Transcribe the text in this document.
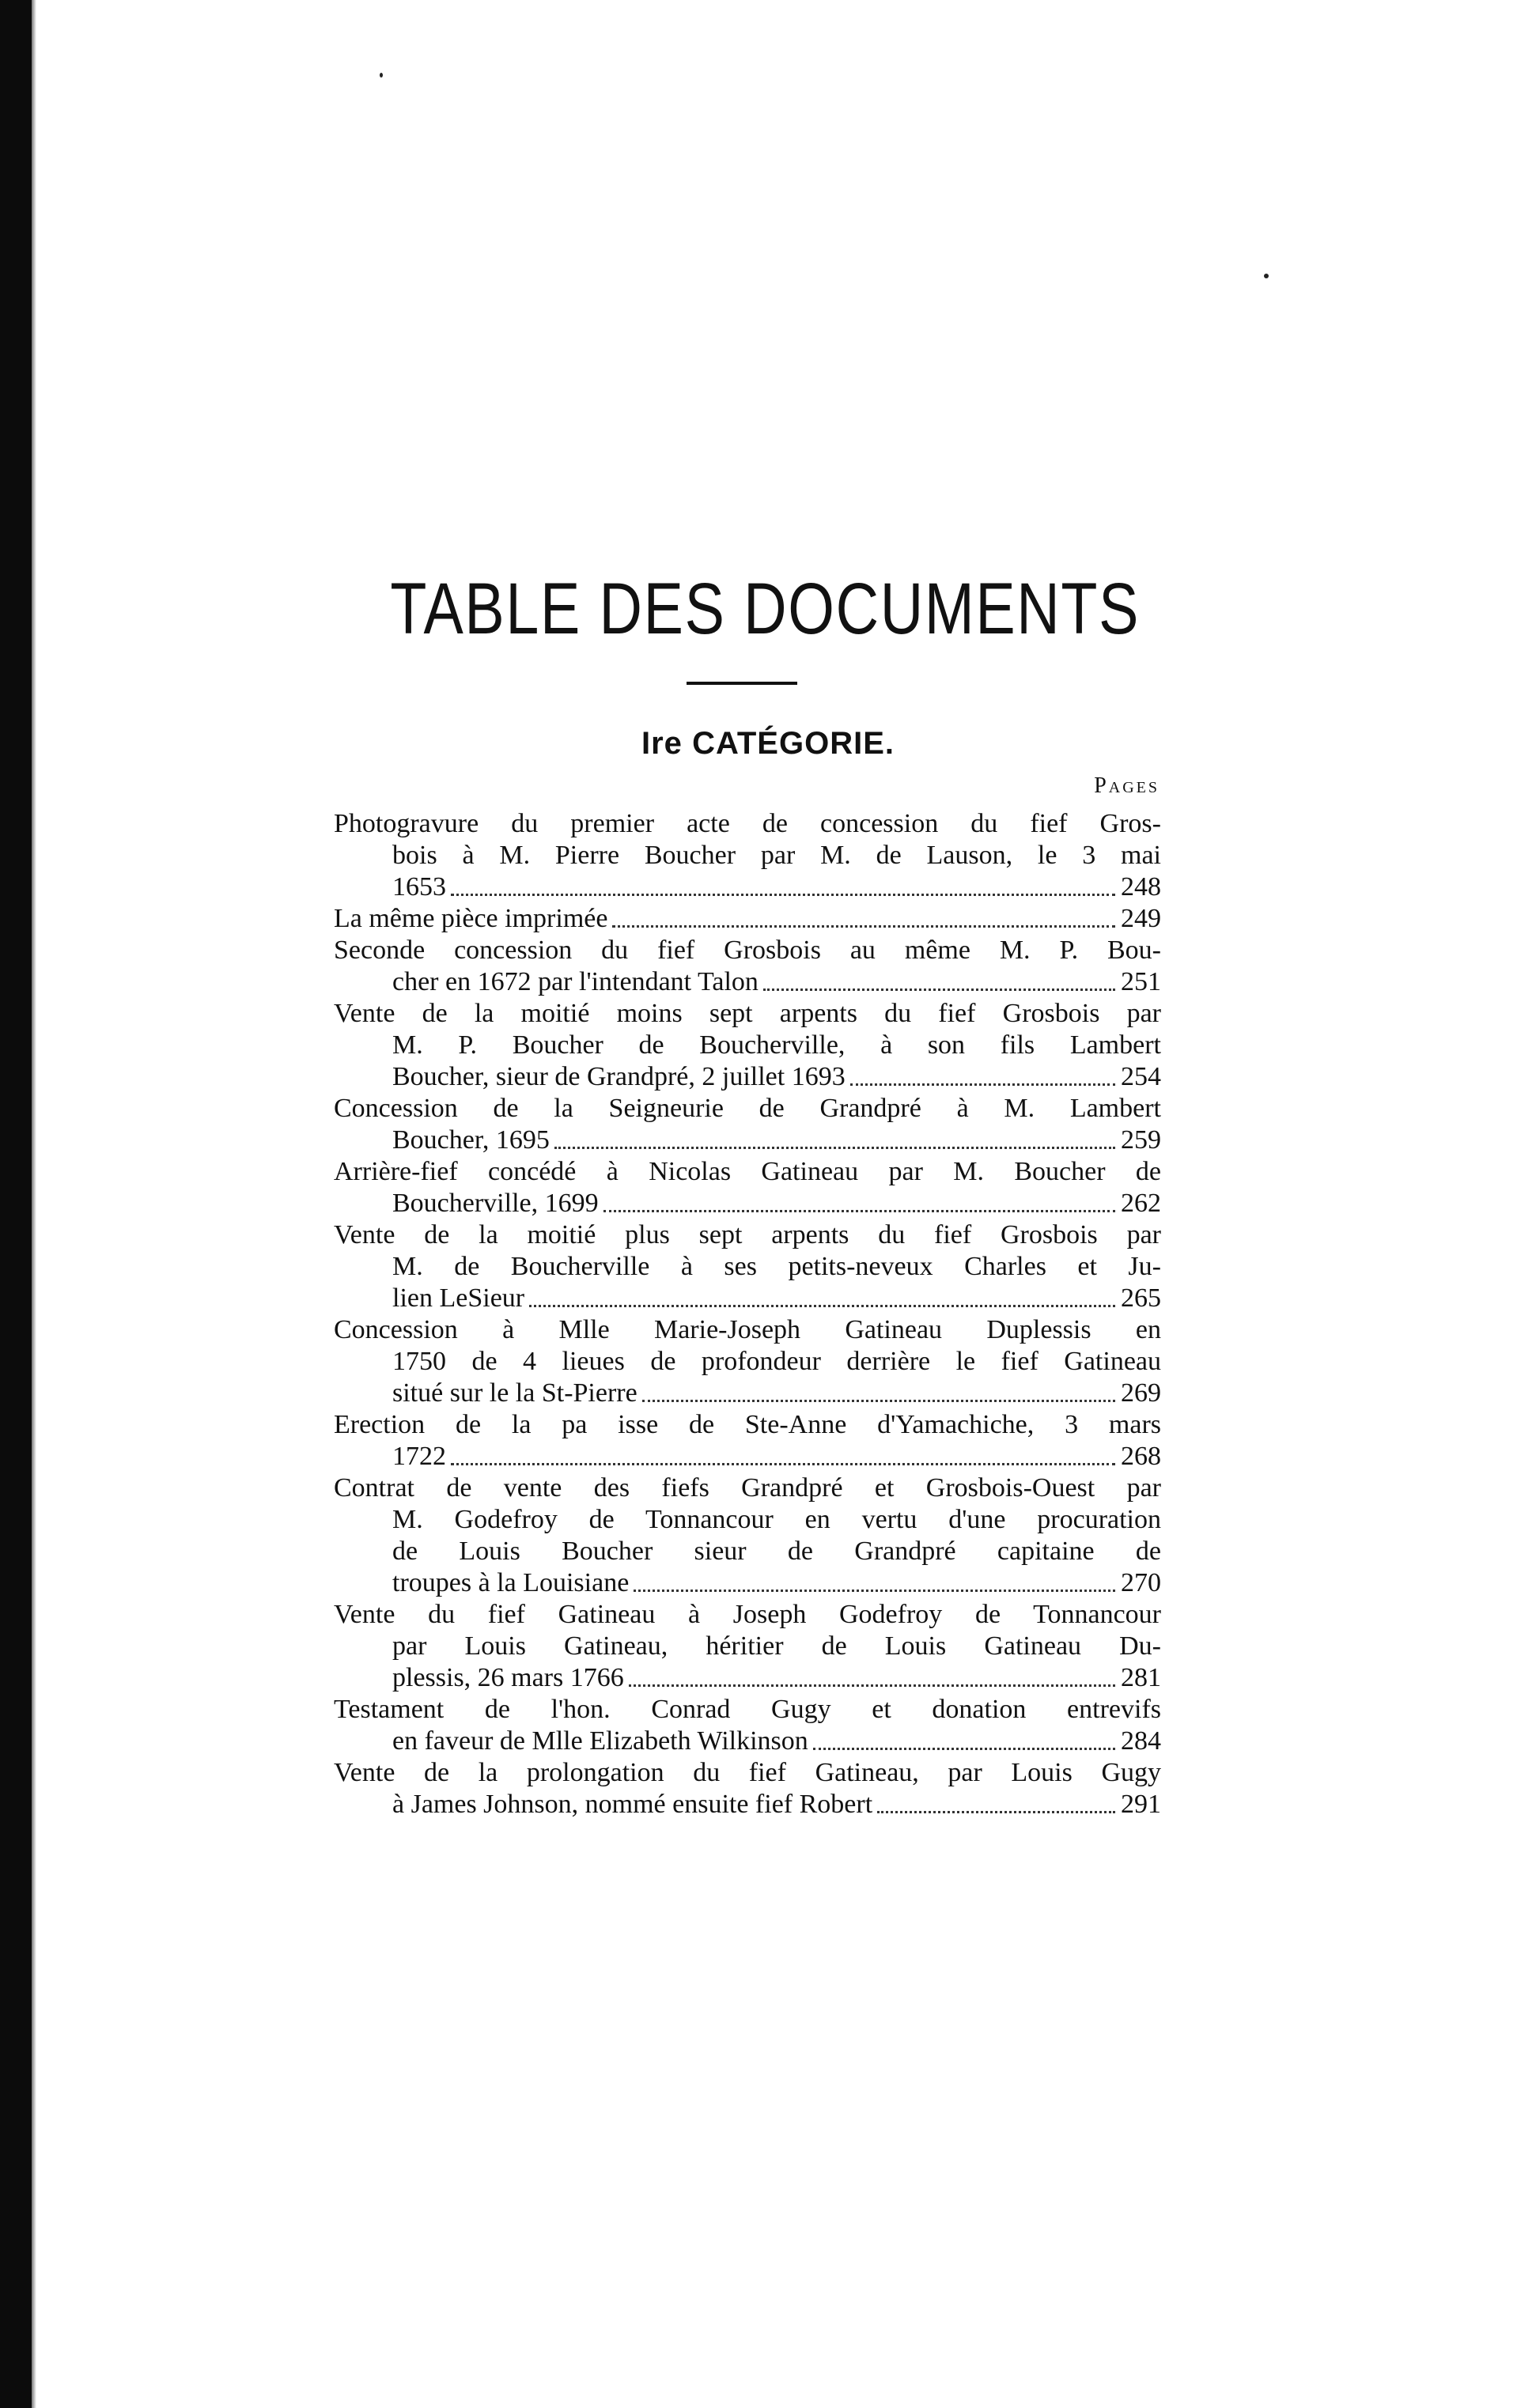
TABLE DES DOCUMENTS
Ire CATÉGORIE.
Pages
Photogravure du premier acte de concession du fief Gros-
bois à M. Pierre Boucher par M. de Lauson, le 3 mai
1653	248
La même pièce imprimée	249
Seconde concession du fief Grosbois au même M. P. Bou-
cher en 1672 par l'intendant Talon	251
Vente de la moitié moins sept arpents du fief Grosbois par
M. P. Boucher de Boucherville, à son fils Lambert
Boucher, sieur de Grandpré, 2 juillet 1693	254
Concession de la Seigneurie de Grandpré à M. Lambert
Boucher, 1695	259
Arrière-fief concédé à Nicolas Gatineau par M. Boucher de
Boucherville, 1699	262
Vente de la moitié plus sept arpents du fief Grosbois par
M. de Boucherville à ses petits-neveux Charles et Ju-
lien LeSieur	265
Concession à Mlle Marie-Joseph Gatineau Duplessis en
1750 de 4 lieues de profondeur derrière le fief Gatineau
situé sur le la St-Pierre	269
Erection de la pa isse de Ste-Anne d'Yamachiche, 3 mars
1722	268
Contrat de vente des fiefs Grandpré et Grosbois-Ouest par
M. Godefroy de Tonnancour en vertu d'une procuration
de Louis Boucher sieur de Grandpré capitaine de
troupes à la Louisiane	270
Vente du fief Gatineau à Joseph Godefroy de Tonnancour
par Louis Gatineau, héritier de Louis Gatineau Du-
plessis, 26 mars 1766	281
Testament de l'hon. Conrad Gugy et donation entrevifs
en faveur de Mlle Elizabeth Wilkinson	284
Vente de la prolongation du fief Gatineau, par Louis Gugy
à James Johnson, nommé ensuite fief Robert	291
